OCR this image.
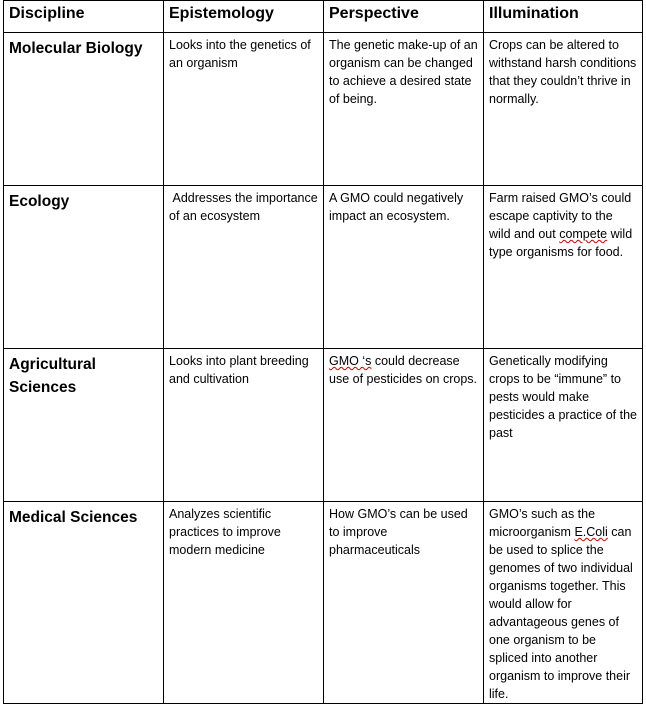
Discipline	Epistemology	Perspective	Illumination

Molecular Biology	Looks into the genetics of an organism	The genetic make-up of an organism can be changed to achieve a desired state of being.	Crops can be altered to withstand harsh conditions that they couldn’t thrive in normally.

Ecology	Addresses the importance of an ecosystem	A GMO could negatively impact an ecosystem.	Farm raised GMO’s could escape captivity to the wild and out compete wild type organisms for food.

Agricultural Sciences	Looks into plant breeding and cultivation	GMO ‘s could decrease use of pesticides on crops.	Genetically modifying crops to be “immune” to pests would make pesticides a practice of the past

Medical Sciences	Analyzes scientific practices to improve modern medicine	How GMO’s can be used to improve pharmaceuticals	GMO’s such as the microorganism E.Coli can be used to splice the genomes of two individual organisms together. This would allow for advantageous genes of one organism to be spliced into another organism to improve their life.
